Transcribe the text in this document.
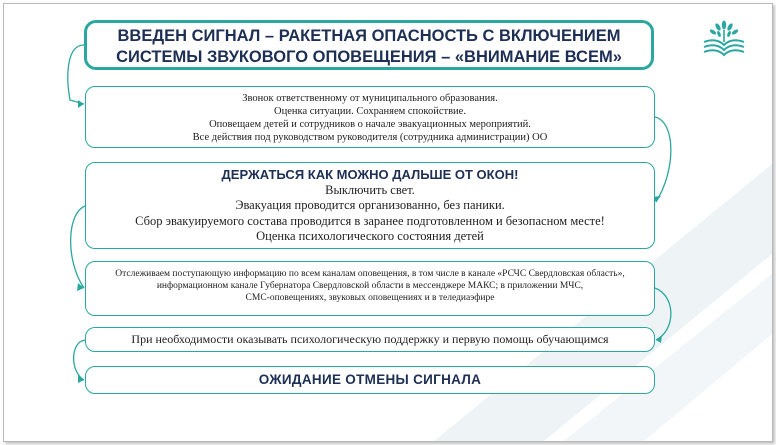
ВВЕДЕН СИГНАЛ – РАКЕТНАЯ ОПАСНОСТЬ С ВКЛЮЧЕНИЕМ
СИСТЕМЫ ЗВУКОВОГО ОПОВЕЩЕНИЯ – «ВНИМАНИЕ ВСЕМ»
Звонок ответственному от муниципального образования.
Оценка ситуации. Сохраняем спокойствие.
Оповещаем детей и сотрудников о начале эвакуационных мероприятий.
Все действия под руководством руководителя (сотрудника администрации) ОО
ДЕРЖАТЬСЯ КАК МОЖНО ДАЛЬШЕ ОТ ОКОН!
Выключить свет.
Эвакуация проводится организованно, без паники.
Сбор эвакуируемого состава проводится в заранее подготовленном и безопасном месте!
Оценка психологического состояния детей
Отслеживаем поступающую информацию по всем каналам оповещения, в том числе в канале «РСЧС Свердловская область»,
информационном канале Губернатора Свердловской области в мессенджере МАКС; в приложении МЧС,
СМС-оповещениях, звуковых оповещениях и в теледиаэфире
При необходимости оказывать психологическую поддержку и первую помощь обучающимся
ОЖИДАНИЕ ОТМЕНЫ СИГНАЛА
